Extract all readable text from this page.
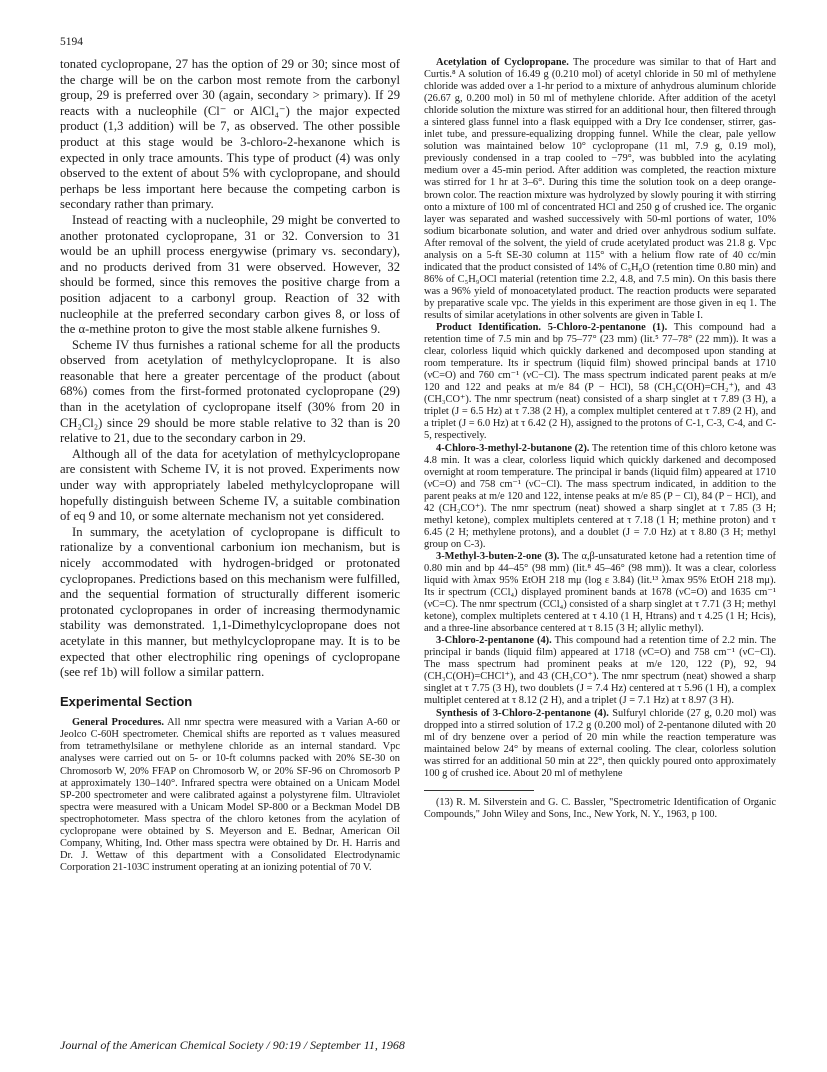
5194

tonated cyclopropane, 27 has the option of 29 or 30; since most of the charge will be on the carbon most remote from the carbonyl group, 29 is preferred over 30 (again, secondary > primary). If 29 reacts with a nucleophile (Cl⁻ or AlCl₄⁻) the major expected product (1,3 addition) will be 7, as observed. The other possible product at this stage would be 3-chloro-2-hexanone which is expected in only trace amounts. This type of product (4) was only observed to the extent of about 5% with cyclopropane, and should perhaps be less important here because the competing carbon is secondary rather than primary.

Instead of reacting with a nucleophile, 29 might be converted to another protonated cyclopropane, 31 or 32. Conversion to 31 would be an uphill process energywise (primary vs. secondary), and no products derived from 31 were observed. However, 32 should be formed, since this removes the positive charge from a position adjacent to a carbonyl group. Reaction of 32 with nucleophile at the preferred secondary carbon gives 8, or loss of the α-methine proton to give the most stable alkene furnishes 9.

Scheme IV thus furnishes a rational scheme for all the products observed from acetylation of methylcyclopropane. It is also reasonable that here a greater percentage of the product (about 68%) comes from the first-formed protonated cyclopropane (29) than in the acetylation of cyclopropane itself (30% from 20 in CH₂Cl₂) since 29 should be more stable relative to 32 than is 20 relative to 21, due to the secondary carbon in 29.

Although all of the data for acetylation of methylcyclopropane are consistent with Scheme IV, it is not proved. Experiments now under way with appropriately labeled methylcyclopropane will hopefully distinguish between Scheme IV, a suitable combination of eq 9 and 10, or some alternate mechanism not yet considered.

In summary, the acetylation of cyclopropane is difficult to rationalize by a conventional carbonium ion mechanism, but is nicely accommodated with hydrogen-bridged or protonated cyclopropanes. Predictions based on this mechanism were fulfilled, and the sequential formation of structurally different isomeric protonated cyclopropanes in order of increasing thermodynamic stability was demonstrated. 1,1-Dimethylcyclopropane does not acetylate in this manner, but methylcyclopropane may. It is to be expected that other electrophilic ring openings of cyclopropane (see ref 1b) will follow a similar pattern.

Experimental Section

General Procedures. All nmr spectra were measured with a Varian A-60 or Jeolco C-60H spectrometer. Chemical shifts are reported as τ values measured from tetramethylsilane or methylene chloride as an internal standard. Vpc analyses were carried out on 5- or 10-ft columns packed with 20% SE-30 on Chromosorb W, 20% FFAP on Chromosorb W, or 20% SF-96 on Chromosorb P at approximately 130–140°. Infrared spectra were obtained on a Unicam Model SP-200 spectrometer and were calibrated against a polystyrene film. Ultraviolet spectra were measured with a Unicam Model SP-800 or a Beckman Model DB spectrophotometer. Mass spectra of the chloro ketones from the acylation of cyclopropane were obtained by S. Meyerson and E. Bednar, American Oil Company, Whiting, Ind. Other mass spectra were obtained by Dr. H. Harris and Dr. J. Wettaw of this department with a Consolidated Electrodynamic Corporation 21-103C instrument operating at an ionizing potential of 70 V.

Acetylation of Cyclopropane. The procedure was similar to that of Hart and Curtis.⁸ A solution of 16.49 g (0.210 mol) of acetyl chloride in 50 ml of methylene chloride was added over a 1-hr period to a mixture of anhydrous aluminum chloride (26.67 g, 0.200 mol) in 50 ml of methylene chloride. After addition of the acetyl chloride solution the mixture was stirred for an additional hour, then filtered through a sintered glass funnel into a flask equipped with a Dry Ice condenser, stirrer, gas-inlet tube, and pressure-equalizing dropping funnel. While the clear, pale yellow solution was maintained below 10° cyclopropane (11 ml, 7.9 g, 0.19 mol), previously condensed in a trap cooled to −79°, was bubbled into the acylating medium over a 45-min period. After addition was completed, the reaction mixture was stirred for 1 hr at 3–6°. During this time the solution took on a deep orange-brown color. The reaction mixture was hydrolyzed by slowly pouring it with stirring onto a mixture of 100 ml of concentrated HCl and 250 g of crushed ice. The organic layer was separated and washed successively with 50-ml portions of water, 10% sodium bicarbonate solution, and water and dried over anhydrous sodium sulfate. After removal of the solvent, the yield of crude acetylated product was 21.8 g. Vpc analysis on a 5-ft SE-30 column at 115° with a helium flow rate of 40 cc/min indicated that the product consisted of 14% of C₅H₈O (retention time 0.80 min) and 86% of C₅H₉OCl material (retention time 2.2, 4.8, and 7.5 min). On this basis there was a 96% yield of monoacetylated product. The reaction products were separated by preparative scale vpc. The yields in this experiment are those given in eq 1. The results of similar acetylations in other solvents are given in Table I.

Product Identification. 5-Chloro-2-pentanone (1). This compound had a retention time of 7.5 min and bp 75–77° (23 mm) (lit.⁵ 77–78° (22 mm)). It was a clear, colorless liquid which quickly darkened and decomposed upon standing at room temperature. Its ir spectrum (liquid film) showed principal bands at 1710 (νC=O) and 760 cm⁻¹ (νC−Cl). The mass spectrum indicated parent peaks at m/e 120 and 122 and peaks at m/e 84 (P − HCl), 58 (CH₃C(OH)=CH₂⁺), and 43 (CH₃CO⁺). The nmr spectrum (neat) consisted of a sharp singlet at τ 7.89 (3 H), a triplet (J = 6.5 Hz) at τ 7.38 (2 H), a complex multiplet centered at τ 7.89 (2 H), and a triplet (J = 6.0 Hz) at τ 6.42 (2 H), assigned to the protons of C-1, C-3, C-4, and C-5, respectively.

4-Chloro-3-methyl-2-butanone (2). The retention time of this chloro ketone was 4.8 min. It was a clear, colorless liquid which quickly darkened and decomposed overnight at room temperature. The principal ir bands (liquid film) appeared at 1710 (νC=O) and 758 cm⁻¹ (νC−Cl). The mass spectrum indicated, in addition to the parent peaks at m/e 120 and 122, intense peaks at m/e 85 (P − Cl), 84 (P − HCl), and 42 (CH₂CO⁺). The nmr spectrum (neat) showed a sharp singlet at τ 7.85 (3 H; methyl ketone), complex multiplets centered at τ 7.18 (1 H; methine proton) and τ 6.45 (2 H; methylene protons), and a doublet (J = 7.0 Hz) at τ 8.80 (3 H; methyl group on C-3).

3-Methyl-3-buten-2-one (3). The α,β-unsaturated ketone had a retention time of 0.80 min and bp 44–45° (98 mm) (lit.⁸ 45–46° (98 mm)). It was a clear, colorless liquid with λmax 95% EtOH 218 mμ (log ε 3.84) (lit.¹³ λmax 95% EtOH 218 mμ). Its ir spectrum (CCl₄) displayed prominent bands at 1678 (νC=O) and 1635 cm⁻¹ (νC=C). The nmr spectrum (CCl₄) consisted of a sharp singlet at τ 7.71 (3 H; methyl ketone), complex multiplets centered at τ 4.10 (1 H, Htrans) and τ 4.25 (1 H; Hcis), and a three-line absorbance centered at τ 8.15 (3 H; allylic methyl).

3-Chloro-2-pentanone (4). This compound had a retention time of 2.2 min. The principal ir bands (liquid film) appeared at 1718 (νC=O) and 758 cm⁻¹ (νC−Cl). The mass spectrum had prominent peaks at m/e 120, 122 (P), 92, 94 (CH₃C(OH)=CHCl⁺), and 43 (CH₃CO⁺). The nmr spectrum (neat) showed a sharp singlet at τ 7.75 (3 H), two doublets (J = 7.4 Hz) centered at τ 5.96 (1 H), a complex multiplet centered at τ 8.12 (2 H), and a triplet (J = 7.1 Hz) at τ 8.97 (3 H).

Synthesis of 3-Chloro-2-pentanone (4). Sulfuryl chloride (27 g, 0.20 mol) was dropped into a stirred solution of 17.2 g (0.200 mol) of 2-pentanone diluted with 20 ml of dry benzene over a period of 20 min while the reaction temperature was maintained below 24° by means of external cooling. The clear, colorless solution was stirred for an additional 50 min at 22°, then quickly poured onto approximately 100 g of crushed ice. About 20 ml of methylene

(13) R. M. Silverstein and G. C. Bassler, "Spectrometric Identification of Organic Compounds," John Wiley and Sons, Inc., New York, N. Y., 1963, p 100.

Journal of the American Chemical Society / 90:19 / September 11, 1968
